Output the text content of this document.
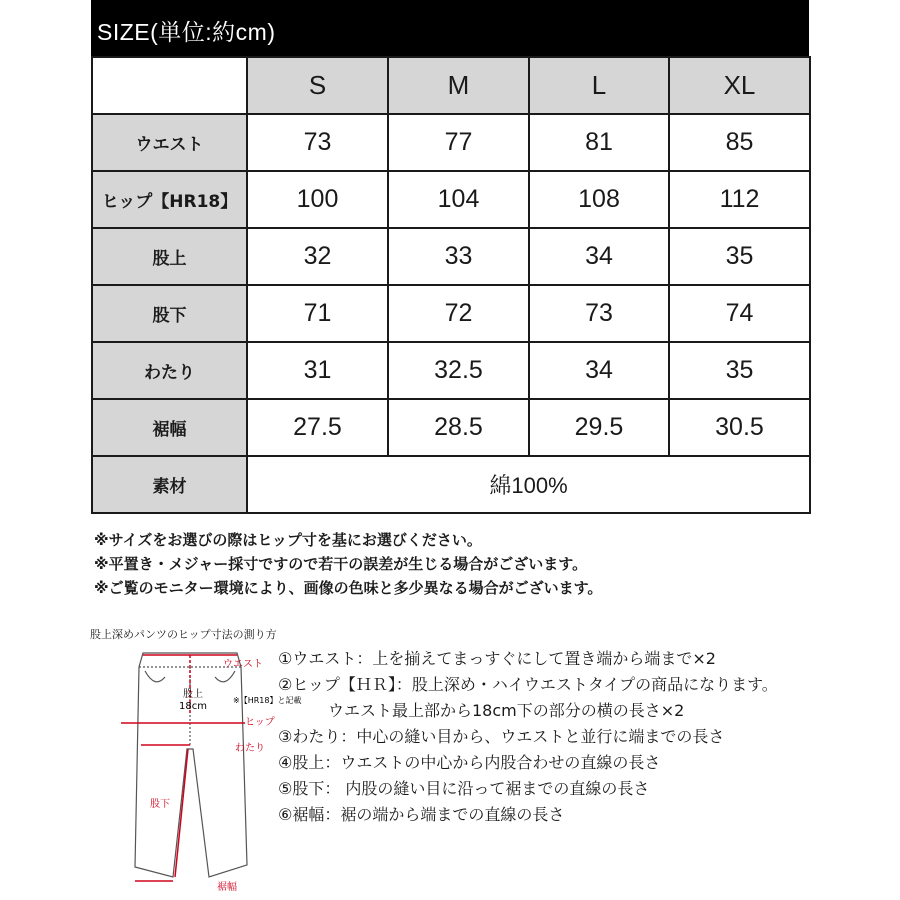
SIZE(単位:約cm)
	S	M	L	XL
ウエスト	73	77	81	85
ヒップ【HR18】	100	104	108	112
股上	32	33	34	35
股下	71	72	73	74
わたり	31	32.5	34	35
裾幅	27.5	28.5	29.5	30.5
素材	綿100%			
※サイズをお選びの際はヒップ寸を基にお選びください。
※平置き・メジャー採寸ですので若干の誤差が生じる場合がございます。
※ご覧のモニター環境により、画像の色味と多少異なる場合がございます。
股上深めパンツのヒップ寸法の測り方
ウエスト
股上
18cm
※【HR18】と記載
ヒップ
わたり
股下
裾幅
①ウエスト：上を揃えてまっすぐにして置き端から端まで×2
②ヒップ【ＨＲ】：股上深め・ハイウエストタイプの商品になります。
ウエスト最上部から18cm下の部分の横の長さ×2
③わたり：中心の縫い目から、ウエストと並行に端までの長さ
④股上：ウエストの中心から内股合わせの直線の長さ
⑤股下： 内股の縫い目に沿って裾までの直線の長さ
⑥裾幅：裾の端から端までの直線の長さ
